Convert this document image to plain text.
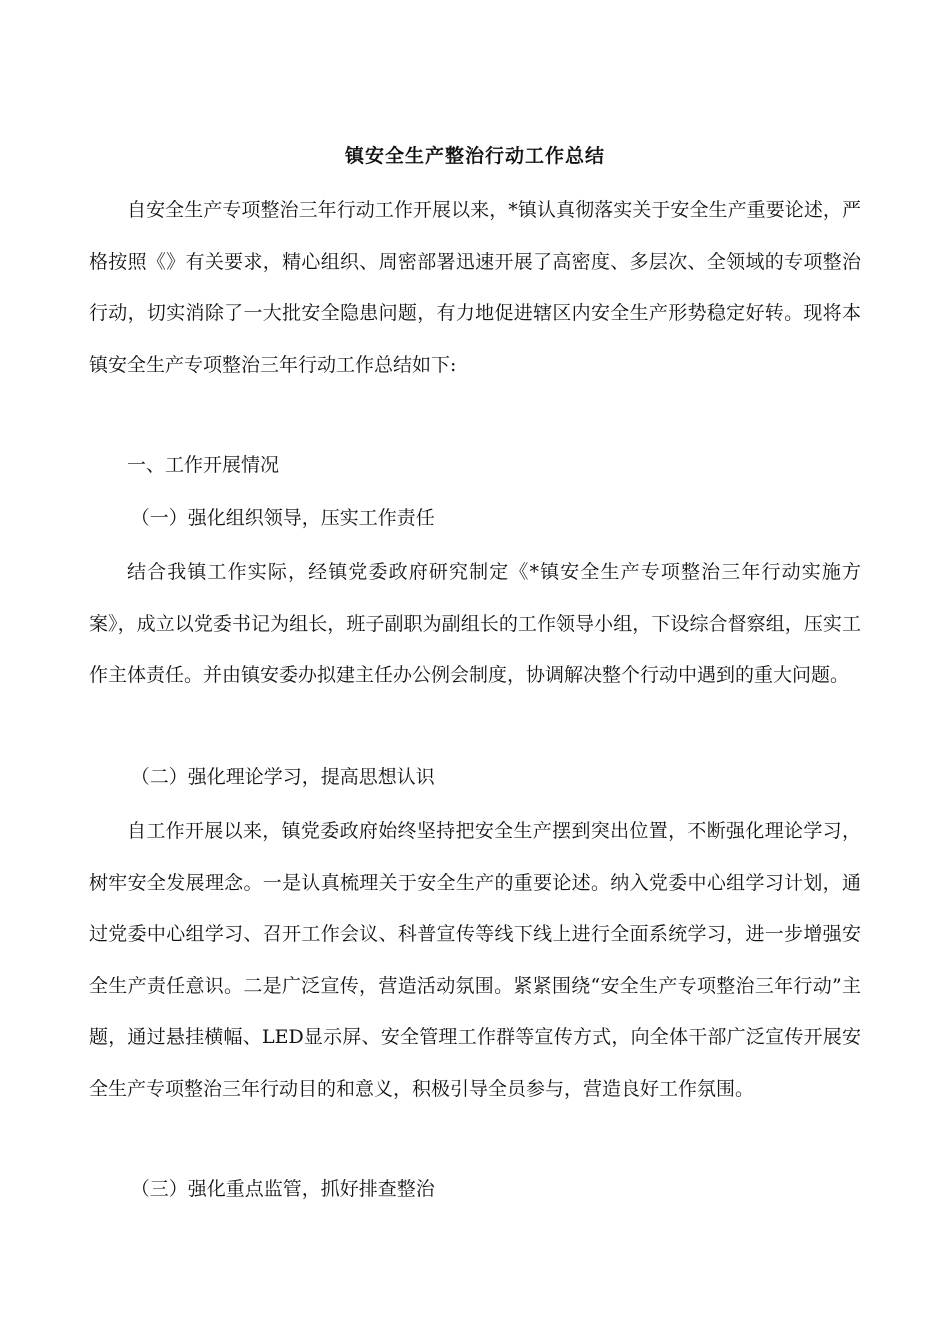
镇安全生产整治行动工作总结

自安全生产专项整治三年行动工作开展以来，*镇认真彻落实关于安全生产重要论述，严格按照《》有关要求，精心组织、周密部署迅速开展了高密度、多层次、全领域的专项整治行动，切实消除了一大批安全隐患问题，有力地促进辖区内安全生产形势稳定好转。现将本镇安全生产专项整治三年行动工作总结如下:

一、工作开展情况

（一）强化组织领导，压实工作责任

结合我镇工作实际，经镇党委政府研究制定《*镇安全生产专项整治三年行动实施方案》，成立以党委书记为组长，班子副职为副组长的工作领导小组，下设综合督察组，压实工作主体责任。并由镇安委办拟建主任办公例会制度，协调解决整个行动中遇到的重大问题。

（二）强化理论学习，提高思想认识

自工作开展以来，镇党委政府始终坚持把安全生产摆到突出位置，不断强化理论学习，树牢安全发展理念。一是认真梳理关于安全生产的重要论述。纳入党委中心组学习计划，通过党委中心组学习、召开工作会议、科普宣传等线下线上进行全面系统学习，进一步增强安全生产责任意识。二是广泛宣传，营造活动氛围。紧紧围绕“安全生产专项整治三年行动”主题，通过悬挂横幅、LED显示屏、安全管理工作群等宣传方式，向全体干部广泛宣传开展安全生产专项整治三年行动目的和意义，积极引导全员参与，营造良好工作氛围。

（三）强化重点监管，抓好排查整治
